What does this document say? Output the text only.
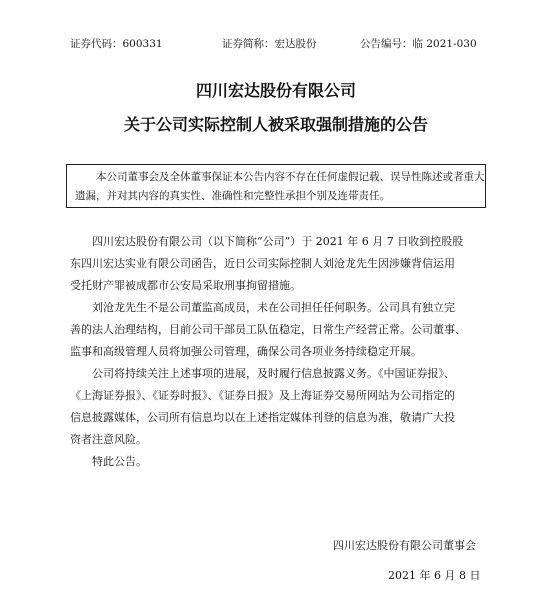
证券代码：600331	证券简称：宏达股份	公告编号：临 2021-030
四川宏达股份有限公司
关于公司实际控制人被采取强制措施的公告
本公司董事会及全体董事保证本公告内容不存在任何虚假记载、误导性陈述或者重大
遗漏，并对其内容的真实性、准确性和完整性承担个别及连带责任。
四川宏达股份有限公司（以下简称“公司”）于 2021 年 6 月 7 日收到控股股
东四川宏达实业有限公司函告，近日公司实际控制人刘沧龙先生因涉嫌背信运用
受托财产罪被成都市公安局采取刑事拘留措施。
刘沧龙先生不是公司董监高成员，未在公司担任任何职务。公司具有独立完
善的法人治理结构，目前公司干部员工队伍稳定，日常生产经营正常。公司董事、
监事和高级管理人员将加强公司管理，确保公司各项业务持续稳定开展。
公司将持续关注上述事项的进展，及时履行信息披露义务。《中国证券报》、
《上海证券报》、《证券时报》、《证券日报》及上海证券交易所网站为公司指定的
信息披露媒体，公司所有信息均以在上述指定媒体刊登的信息为准，敬请广大投
资者注意风险。
特此公告。
四川宏达股份有限公司董事会
2021 年 6 月 8 日
